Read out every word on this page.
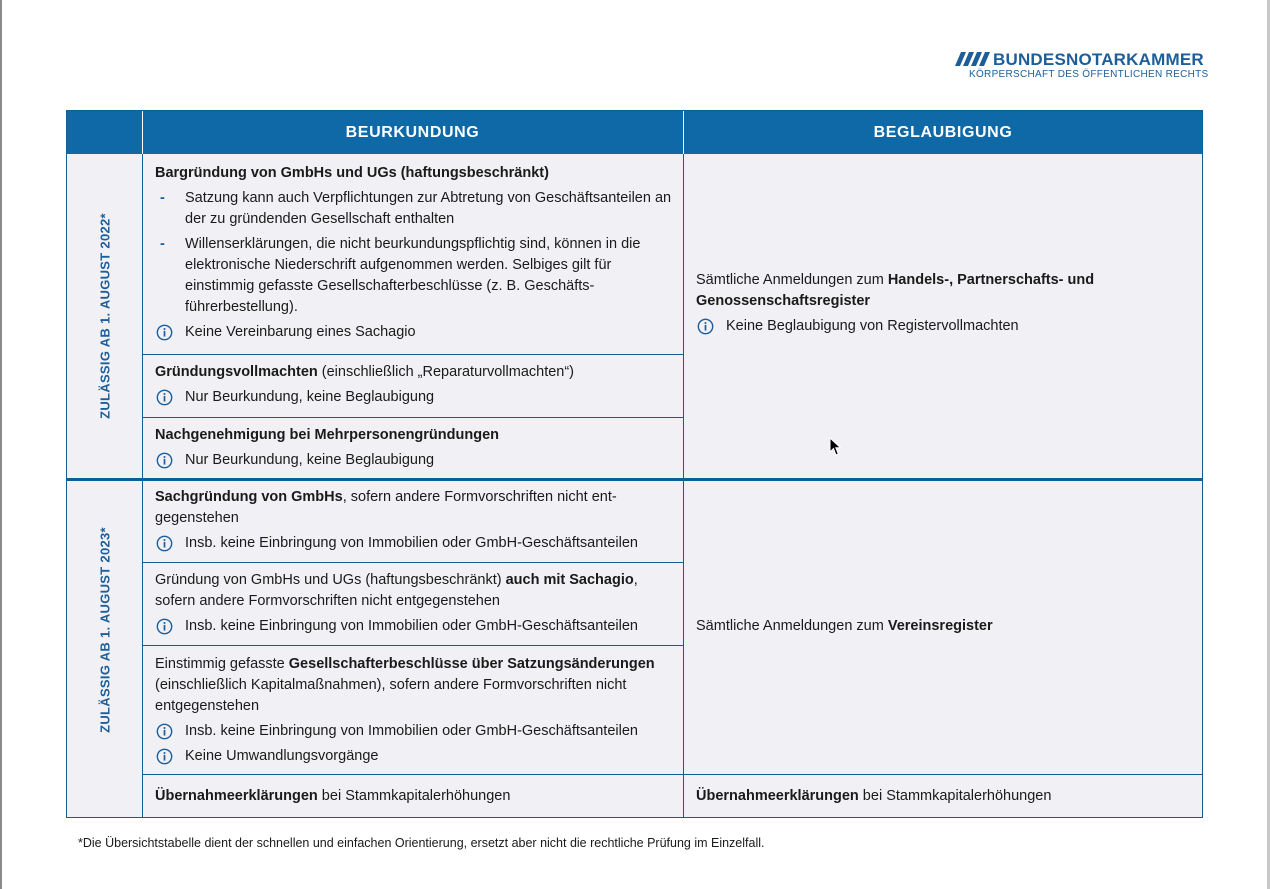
BUNDESNOTARKAMMER
KÖRPERSCHAFT DES ÖFFENTLICHEN RECHTS
BEURKUNDUNG	BEGLAUBIGUNG
ZULÄSSIG AB 1. AUGUST 2022*
ZULÄSSIG AB 1. AUGUST 2023*
Bargründung von GmbHs und UGs (haftungsbeschränkt)
- Satzung kann auch Verpflichtungen zur Abtretung von Geschäftsanteilen an der zu gründenden Gesellschaft enthalten
- Willenserklärungen, die nicht beurkundungspflichtig sind, können in die elektronische Niederschrift aufgenommen werden. Selbiges gilt für einstimmig gefasste Gesellschafterbeschlüsse (z. B. Geschäfts-führerbestellung).
Keine Vereinbarung eines Sachagio
Gründungsvollmachten (einschließlich „Reparaturvollmachten“)
Nur Beurkundung, keine Beglaubigung
Nachgenehmigung bei Mehrpersonengründungen
Nur Beurkundung, keine Beglaubigung
Sämtliche Anmeldungen zum Handels-, Partnerschafts- und Genossenschaftsregister
Keine Beglaubigung von Registervollmachten
Sachgründung von GmbHs, sofern andere Formvorschriften nicht ent-gegenstehen
Insb. keine Einbringung von Immobilien oder GmbH-Geschäftsanteilen
Gründung von GmbHs und UGs (haftungsbeschränkt) auch mit Sachagio, sofern andere Formvorschriften nicht entgegenstehen
Insb. keine Einbringung von Immobilien oder GmbH-Geschäftsanteilen
Einstimmig gefasste Gesellschafterbeschlüsse über Satzungsänderungen (einschließlich Kapitalmaßnahmen), sofern andere Formvorschriften nicht entgegenstehen
Insb. keine Einbringung von Immobilien oder GmbH-Geschäftsanteilen
Keine Umwandlungsvorgänge
Sämtliche Anmeldungen zum Vereinsregister
Übernahmeerklärungen bei Stammkapitalerhöhungen	Übernahmeerklärungen bei Stammkapitalerhöhungen
*Die Übersichtstabelle dient der schnellen und einfachen Orientierung, ersetzt aber nicht die rechtliche Prüfung im Einzelfall.
